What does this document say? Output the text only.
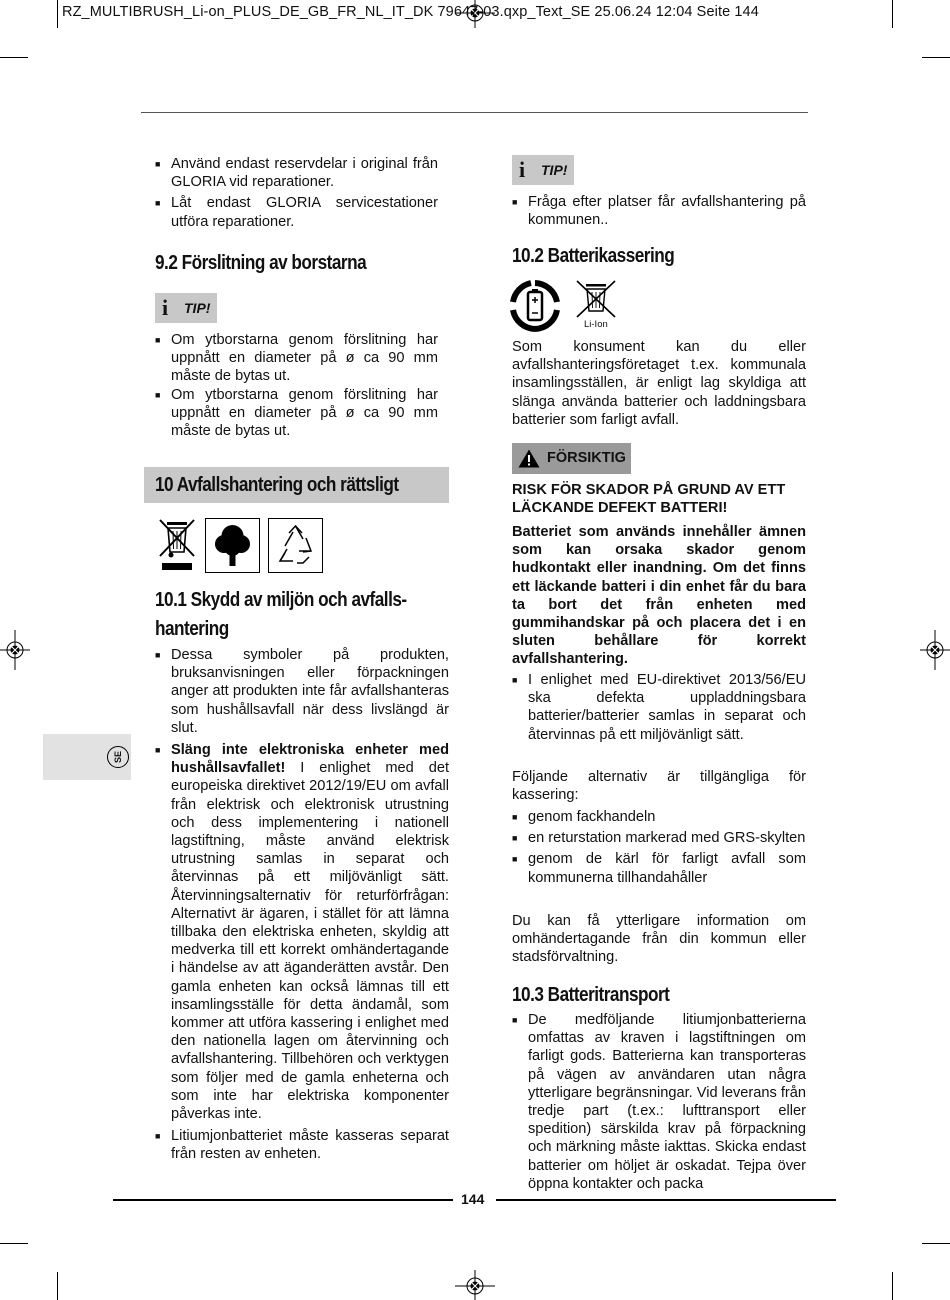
RZ_MULTIBRUSH_Li-on_PLUS_DE_GB_FR_NL_IT_DK 79647-03.qxp_Text_SE 25.06.24 12:04 Seite 144
SE
■ Använd endast reservdelar i original från GLORIA vid reparationer.
■ Låt endast GLORIA servicestationer utföra reparationer.
9.2 Förslitning av borstarna
i	TIP!
■ Om ytborstarna genom förslitning har uppnått en diameter på ø ca 90 mm måste de bytas ut.
■ Om ytborstarna genom förslitning har uppnått en diameter på ø ca 90 mm måste de bytas ut.
10 Avfallshantering och rättsligt
10.1 Skydd av miljön och avfalls-
hantering
■ Dessa symboler på produkten, bruksanvisningen eller förpackningen anger att produkten inte får avfallshanteras som hushållsavfall när dess livslängd är slut.
■ Släng inte elektroniska enheter med hushållsavfallet! I enlighet med det europeiska direktivet 2012/19/EU om avfall från elektrisk och elektronisk utrustning och dess implementering i nationell lagstiftning, måste använd elektrisk utrustning samlas in separat och återvinnas på ett miljövänligt sätt. Återvinningsalternativ för returförfrågan: Alternativt är ägaren, i stället för att lämna tillbaka den elektriska enheten, skyldig att medverka till ett korrekt omhändertagande i händelse av att äganderätten avstår. Den gamla enheten kan också lämnas till ett insamlingsställe för detta ändamål, som kommer att utföra kassering i enlighet med den nationella lagen om återvinning och avfallshantering. Tillbehören och verktygen som följer med de gamla enheterna och som inte har elektriska komponenter påverkas inte.
■ Litiumjonbatteriet måste kasseras separat från resten av enheten.
i	TIP!
■ Fråga efter platser får avfallshantering på kommunen..
10.2 Batterikassering
Li-Ion
Som konsument kan du eller avfallshanteringsföretaget t.ex. kommunala insamlingsställen, är enligt lag skyldiga att slänga använda batterier och laddningsbara batterier som farligt avfall.
FÖRSIKTIG
RISK FÖR SKADOR PÅ GRUND AV ETT LÄCKANDE DEFEKT BATTERI!
Batteriet som används innehåller ämnen som kan orsaka skador genom hudkontakt eller inandning. Om det finns ett läckande batteri i din enhet får du bara ta bort det från enheten med gummihandskar på och placera det i en sluten behållare för korrekt avfallshantering.
■ I enlighet med EU-direktivet 2013/56/EU ska defekta uppladdningsbara batterier/batterier samlas in separat och återvinnas på ett miljövänligt sätt.
Följande alternativ är tillgängliga för kassering:
■ genom fackhandeln
■ en returstation markerad med GRS-skylten
■ genom de kärl för farligt avfall som kommunerna tillhandahåller
Du kan få ytterligare information om omhändertagande från din kommun eller stadsförvaltning.
10.3 Batteritransport
■ De medföljande litiumjonbatterierna omfattas av kraven i lagstiftningen om farligt gods. Batterierna kan transporteras på vägen av användaren utan några ytterligare begränsningar. Vid leverans från tredje part (t.ex.: lufttransport eller spedition) särskilda krav på förpackning och märkning måste iakttas. Skicka endast batterier om höljet är oskadat. Tejpa över öppna kontakter och packa
144
